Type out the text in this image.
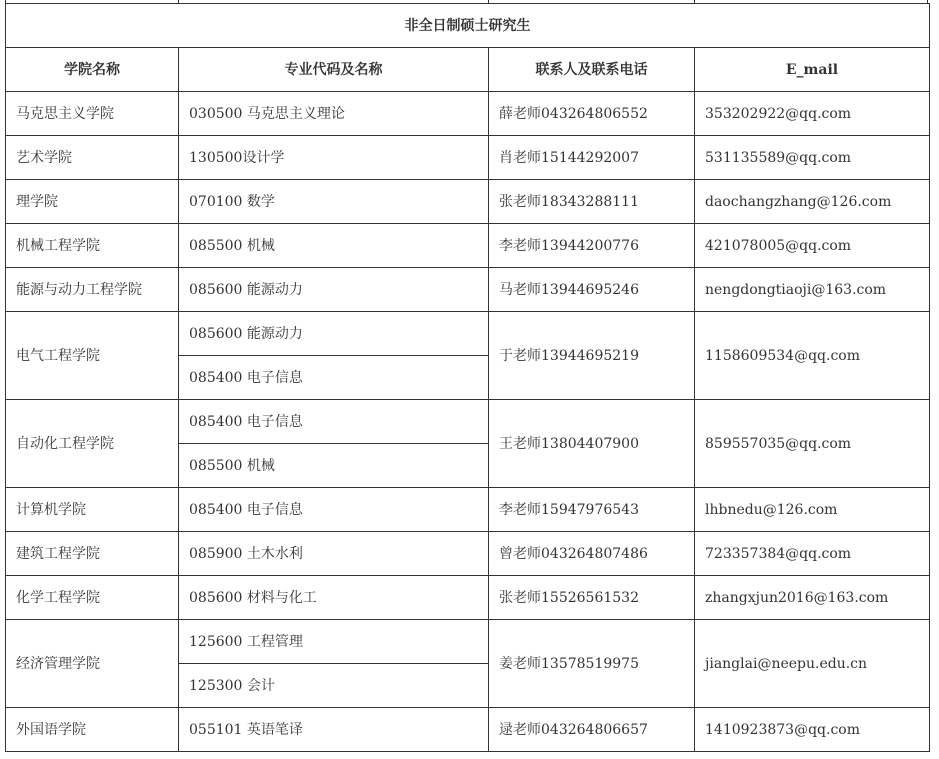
非全日制硕士研究生			
学院名称	专业代码及名称	联系人及联系电话	E_mail
马克思主义学院	030500 马克思主义理论	薛老师043264806552	353202922@qq.com
艺术学院	130500设计学	肖老师15144292007	531135589@qq.com
理学院	070100 数学	张老师18343288111	daochangzhang@126.com
机械工程学院	085500 机械	李老师13944200776	421078005@qq.com
能源与动力工程学院	085600 能源动力	马老师13944695246	nengdongtiaoji@163.com
电气工程学院	085600 能源动力	于老师13944695219	1158609534@qq.com
	085400 电子信息		
自动化工程学院	085400 电子信息	王老师13804407900	859557035@qq.com
	085500 机械		
计算机学院	085400 电子信息	李老师15947976543	lhbnedu@126.com
建筑工程学院	085900 土木水利	曾老师043264807486	723357384@qq.com
化学工程学院	085600 材料与化工	张老师15526561532	zhangxjun2016@163.com
经济管理学院	125600 工程管理	姜老师13578519975	jianglai@neepu.edu.cn
	125300 会计		
外国语学院	055101 英语笔译	逯老师043264806657	1410923873@qq.com
